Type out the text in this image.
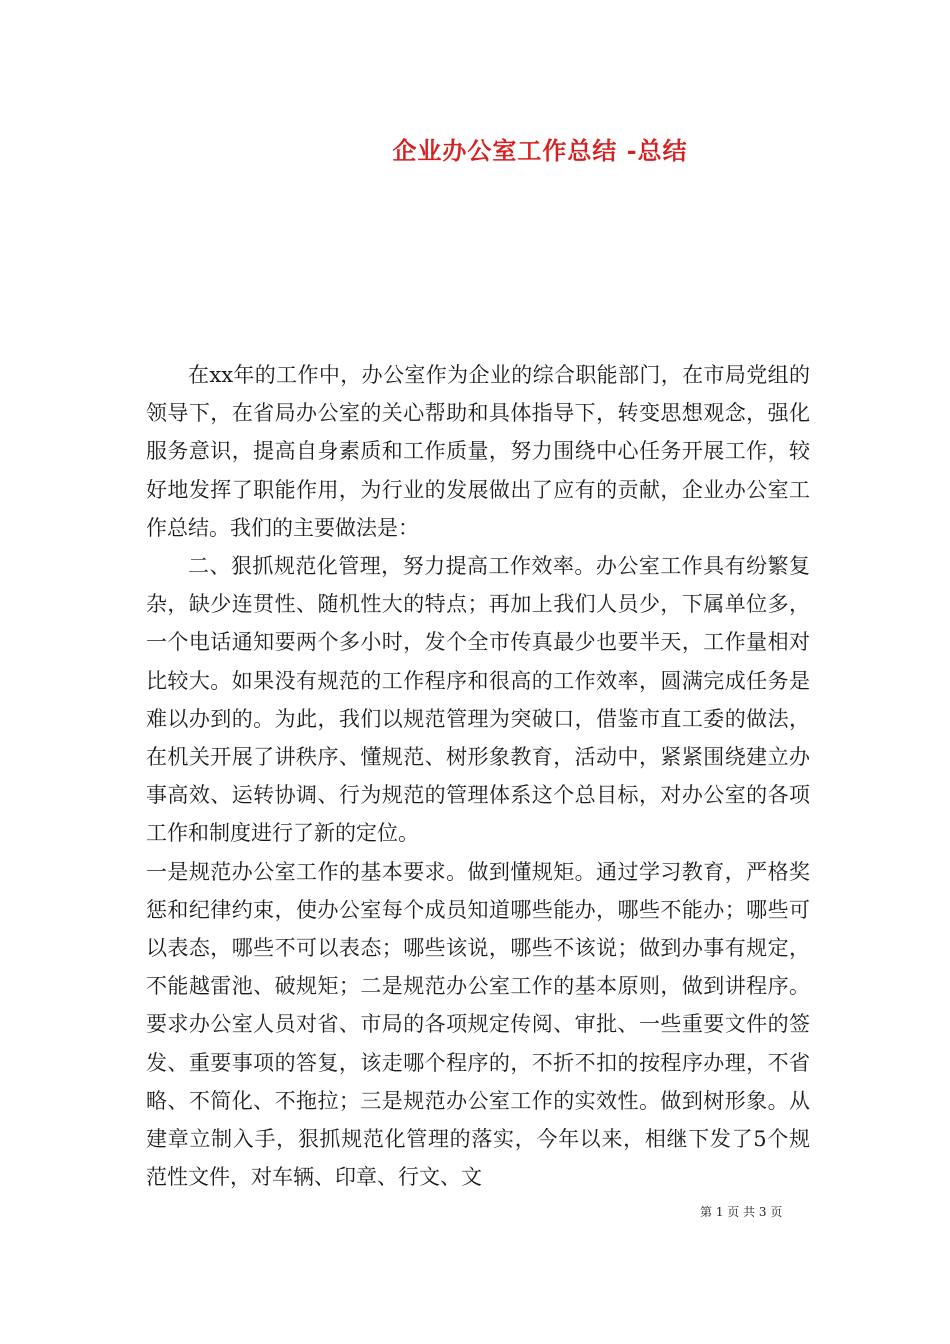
企业办公室工作总结 -总结

在xx年的工作中，办公室作为企业的综合职能部门，在市局党组的领导下，在省局办公室的关心帮助和具体指导下，转变思想观念，强化服务意识，提高自身素质和工作质量，努力围绕中心任务开展工作，较好地发挥了职能作用，为行业的发展做出了应有的贡献，企业办公室工作总结。我们的主要做法是：

二、狠抓规范化管理，努力提高工作效率。办公室工作具有纷繁复杂，缺少连贯性、随机性大的特点；再加上我们人员少，下属单位多，一个电话通知要两个多小时，发个全市传真最少也要半天，工作量相对比较大。如果没有规范的工作程序和很高的工作效率，圆满完成任务是难以办到的。为此，我们以规范管理为突破口，借鉴市直工委的做法，在机关开展了讲秩序、懂规范、树形象教育，活动中，紧紧围绕建立办事高效、运转协调、行为规范的管理体系这个总目标，对办公室的各项工作和制度进行了新的定位。

一是规范办公室工作的基本要求。做到懂规矩。通过学习教育，严格奖惩和纪律约束，使办公室每个成员知道哪些能办，哪些不能办；哪些可以表态，哪些不可以表态；哪些该说，哪些不该说；做到办事有规定，不能越雷池、破规矩；二是规范办公室工作的基本原则，做到讲程序。要求办公室人员对省、市局的各项规定传阅、审批、一些重要文件的签发、重要事项的答复，该走哪个程序的，不折不扣的按程序办理，不省略、不简化、不拖拉；三是规范办公室工作的实效性。做到树形象。从建章立制入手，狠抓规范化管理的落实，今年以来，相继下发了5个规范性文件，对车辆、印章、行文、文

第 1 页 共 3 页
